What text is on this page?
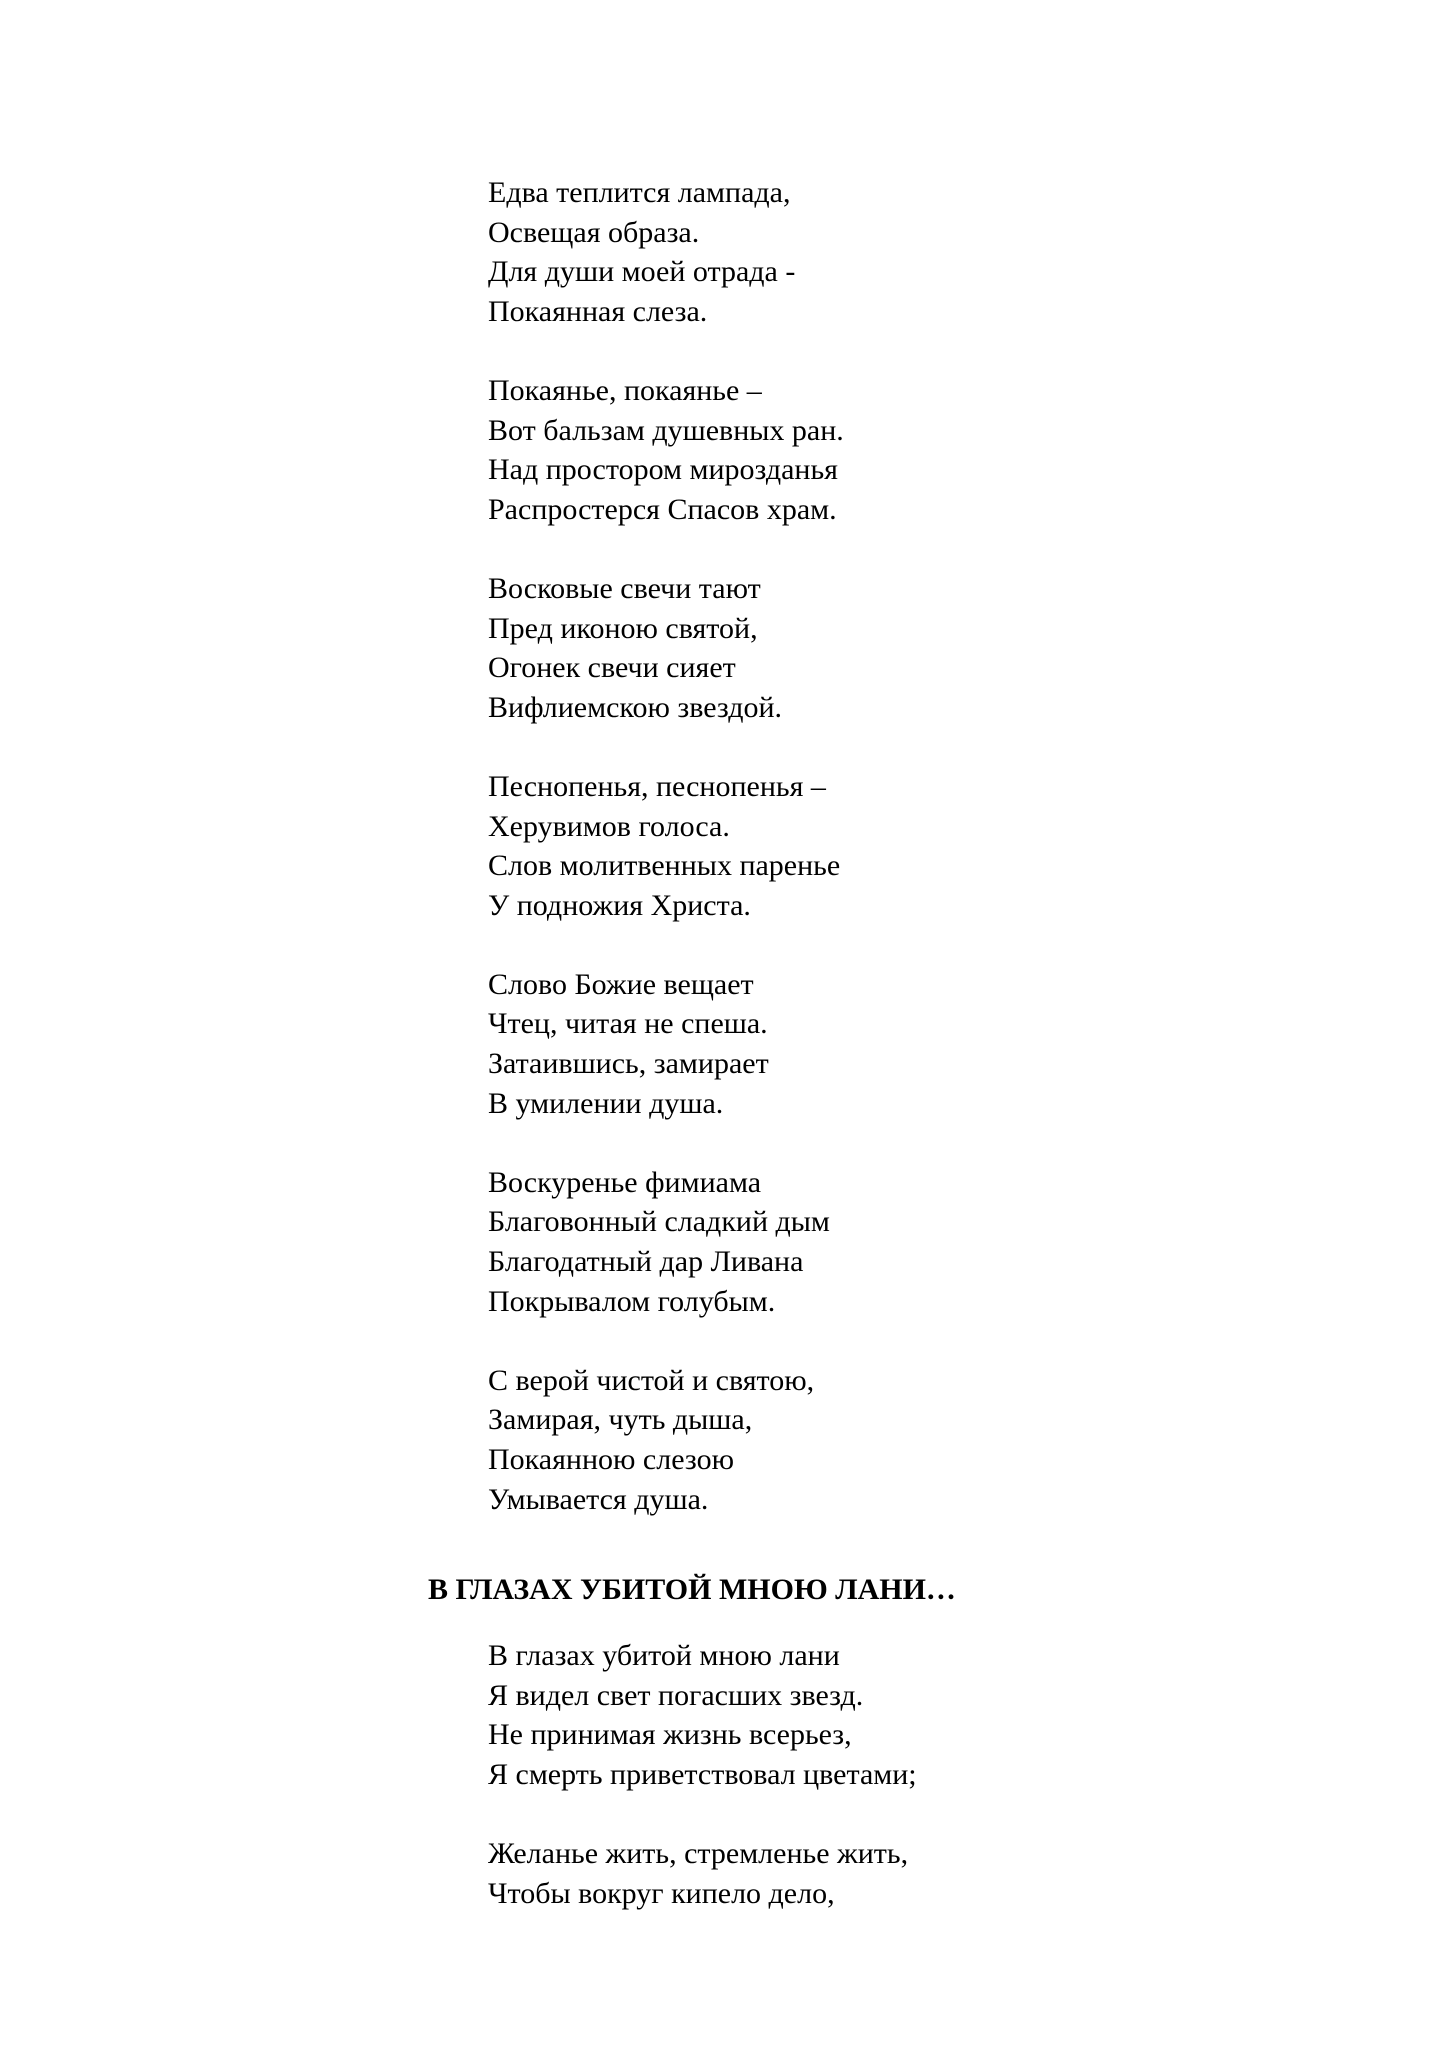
Едва теплится лампада,
Освещая образа.
Для души моей отрада -
Покаянная слеза.
Покаянье, покаянье –
Вот бальзам душевных ран.
Над простором мирозданья
Распростерся Спасов храм.
Восковые свечи тают
Пред иконою святой,
Огонек свечи сияет
Вифлиемскою звездой.
Песнопенья, песнопенья –
Херувимов голоса.
Слов молитвенных паренье
У подножия Христа.
Слово Божие вещает
Чтец, читая не спеша.
Затаившись, замирает
В умилении душа.
Воскуренье фимиама
Благовонный сладкий дым
Благодатный дар Ливана
Покрывалом голубым.
С верой чистой и святою,
Замирая, чуть дыша,
Покаянною слезою
Умывается душа.
В ГЛАЗАХ УБИТОЙ МНОЮ ЛАНИ…
В глазах убитой мною лани
Я видел свет погасших звезд.
Не принимая жизнь всерьез,
Я смерть приветствовал цветами;
Желанье жить, стремленье жить,
Чтобы вокруг кипело дело,
